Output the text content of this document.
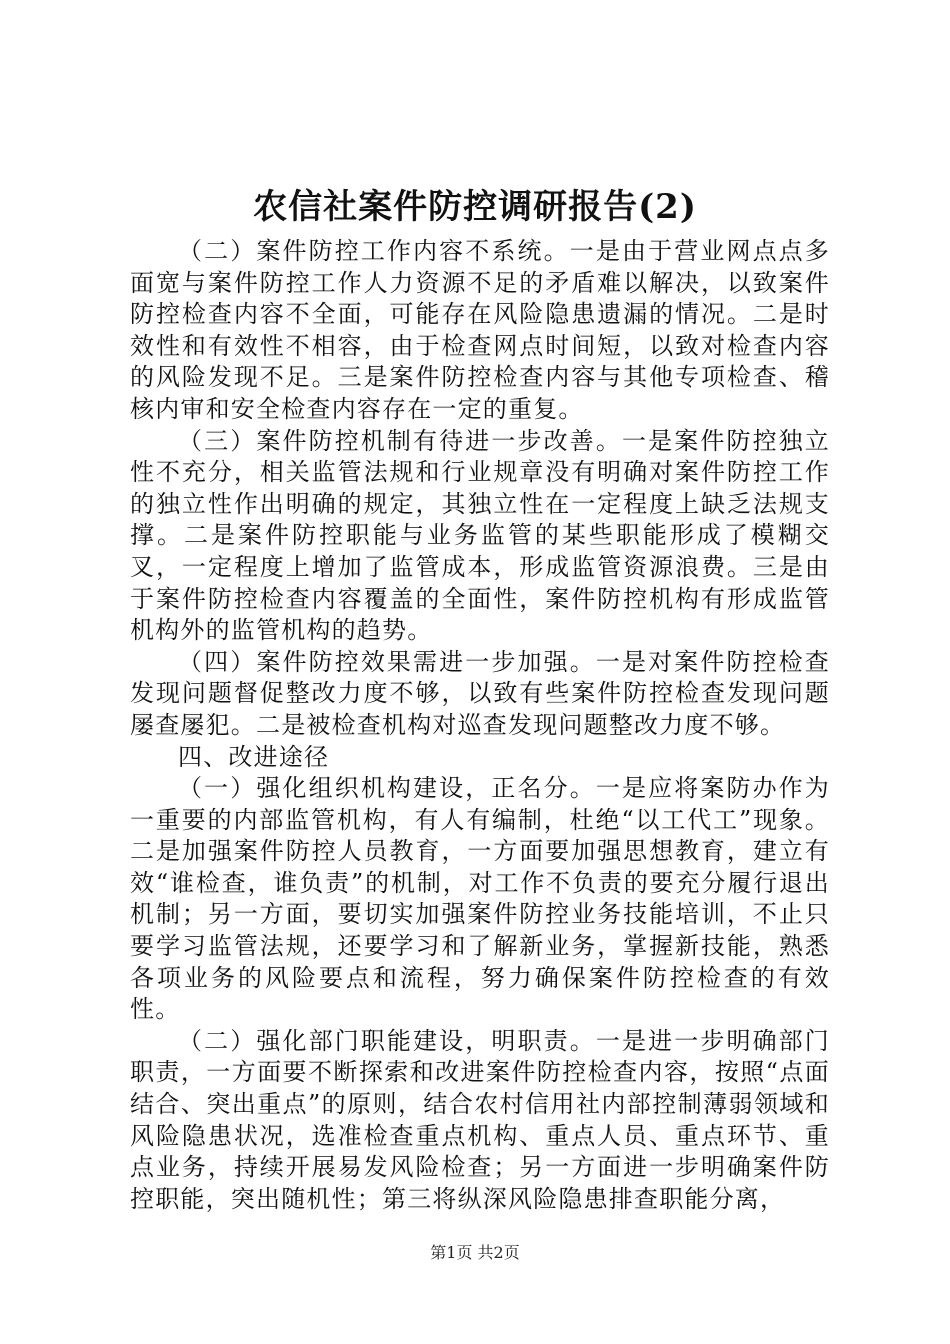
农信社案件防控调研报告(2)

（二）案件防控工作内容不系统。一是由于营业网点点多面宽与案件防控工作人力资源不足的矛盾难以解决，以致案件防控检查内容不全面，可能存在风险隐患遗漏的情况。二是时效性和有效性不相容，由于检查网点时间短，以致对检查内容的风险发现不足。三是案件防控检查内容与其他专项检查、稽核内审和安全检查内容存在一定的重复。

（三）案件防控机制有待进一步改善。一是案件防控独立性不充分，相关监管法规和行业规章没有明确对案件防控工作的独立性作出明确的规定，其独立性在一定程度上缺乏法规支撑。二是案件防控职能与业务监管的某些职能形成了模糊交叉，一定程度上增加了监管成本，形成监管资源浪费。三是由于案件防控检查内容覆盖的全面性，案件防控机构有形成监管机构外的监管机构的趋势。

（四）案件防控效果需进一步加强。一是对案件防控检查发现问题督促整改力度不够，以致有些案件防控检查发现问题屡查屡犯。二是被检查机构对巡查发现问题整改力度不够。

四、改进途径

（一）强化组织机构建设，正名分。一是应将案防办作为一重要的内部监管机构，有人有编制，杜绝“以工代工”现象。二是加强案件防控人员教育，一方面要加强思想教育，建立有效“谁检查，谁负责”的机制，对工作不负责的要充分履行退出机制；另一方面，要切实加强案件防控业务技能培训，不止只要学习监管法规，还要学习和了解新业务，掌握新技能，熟悉各项业务的风险要点和流程，努力确保案件防控检查的有效性。

（二）强化部门职能建设，明职责。一是进一步明确部门职责，一方面要不断探索和改进案件防控检查内容，按照“点面结合、突出重点”的原则，结合农村信用社内部控制薄弱领域和风险隐患状况，选准检查重点机构、重点人员、重点环节、重点业务，持续开展易发风险检查；另一方面进一步明确案件防控职能，突出随机性；第三将纵深风险隐患排查职能分离，

第1页 共2页
